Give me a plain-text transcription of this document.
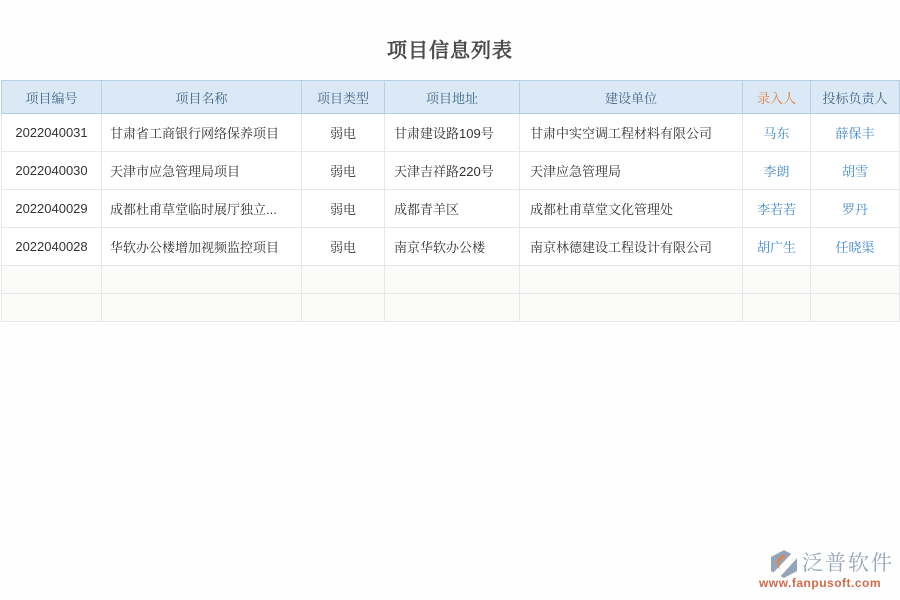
项目信息列表
项目编号	项目名称	项目类型	项目地址	建设单位	录入人	投标负责人
2022040031	甘肃省工商银行网络保养项目	弱电	甘肃建设路109号	甘肃中实空调工程材料有限公司	马东	薛保丰
2022040030	天津市应急管理局项目	弱电	天津吉祥路220号	天津应急管理局	李朗	胡雪
2022040029	成都杜甫草堂临时展厅独立...	弱电	成都青羊区	成都杜甫草堂文化管理处	李若若	罗丹
2022040028	华软办公楼增加视频监控项目	弱电	南京华软办公楼	南京林德建设工程设计有限公司	胡广生	任晓渠

泛普软件
www.fanpusoft.com
